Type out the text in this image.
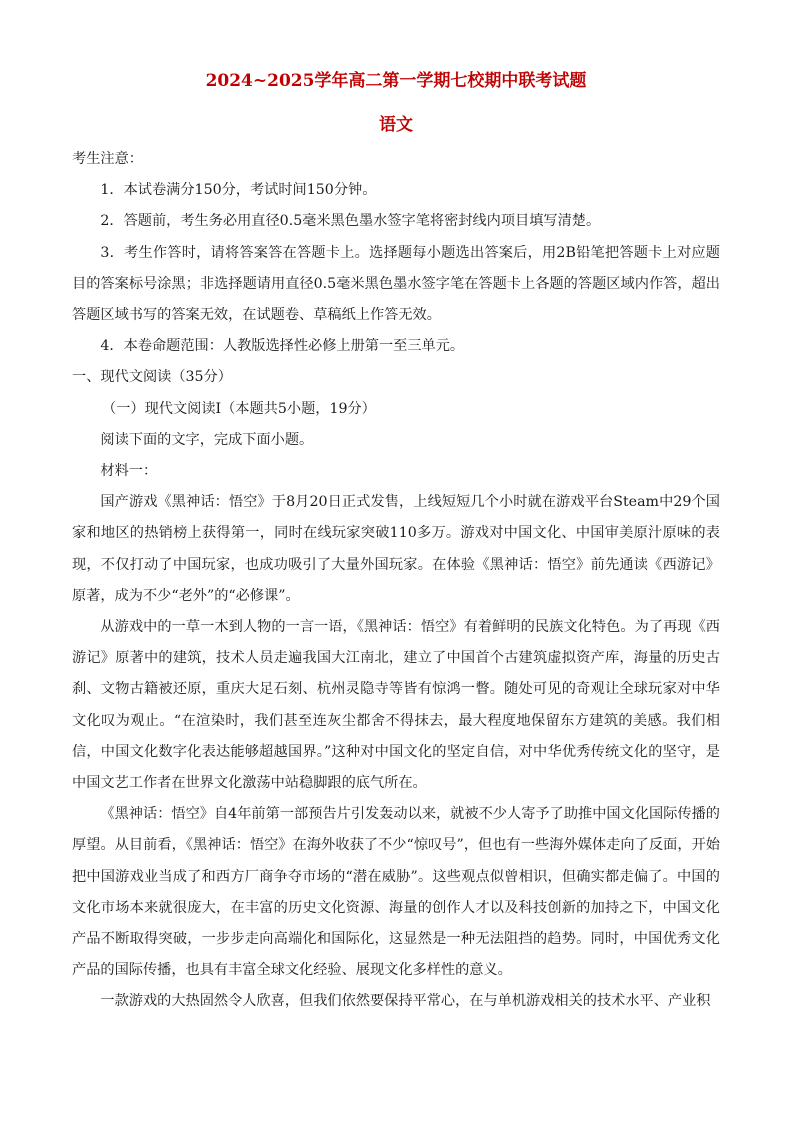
2024~2025学年高二第一学期七校期中联考试题
语文

考生注意：

1．本试卷满分150分，考试时间150分钟。

2．答题前，考生务必用直径0.5毫米黑色墨水签字笔将密封线内项目填写清楚。

3．考生作答时，请将答案答在答题卡上。选择题每小题选出答案后，用2B铅笔把答题卡上对应题目的答案标号涂黑；非选择题请用直径0.5毫米黑色墨水签字笔在答题卡上各题的答题区域内作答，超出答题区域书写的答案无效，在试题卷、草稿纸上作答无效。

4．本卷命题范围：人教版选择性必修上册第一至三单元。

一、现代文阅读（35分）

（一）现代文阅读Ⅰ（本题共5小题，19分）

阅读下面的文字，完成下面小题。

材料一：

国产游戏《黑神话：悟空》于8月20日正式发售，上线短短几个小时就在游戏平台Steam中29个国家和地区的热销榜上获得第一，同时在线玩家突破110多万。游戏对中国文化、中国审美原汁原味的表现，不仅打动了中国玩家，也成功吸引了大量外国玩家。在体验《黑神话：悟空》前先通读《西游记》原著，成为不少“老外”的“必修课”。

从游戏中的一草一木到人物的一言一语，《黑神话：悟空》有着鲜明的民族文化特色。为了再现《西游记》原著中的建筑，技术人员走遍我国大江南北，建立了中国首个古建筑虚拟资产库，海量的历史古刹、文物古籍被还原，重庆大足石刻、杭州灵隐寺等皆有惊鸿一瞥。随处可见的奇观让全球玩家对中华文化叹为观止。“在渲染时，我们甚至连灰尘都舍不得抹去，最大程度地保留东方建筑的美感。我们相信，中国文化数字化表达能够超越国界。”这种对中国文化的坚定自信，对中华优秀传统文化的坚守，是中国文艺工作者在世界文化激荡中站稳脚跟的底气所在。

《黑神话：悟空》自4年前第一部预告片引发轰动以来，就被不少人寄予了助推中国文化国际传播的厚望。从目前看，《黑神话：悟空》在海外收获了不少“惊叹号”，但也有一些海外媒体走向了反面，开始把中国游戏业当成了和西方厂商争夺市场的“潜在威胁”。这些观点似曾相识，但确实都走偏了。中国的文化市场本来就很庞大，在丰富的历史文化资源、海量的创作人才以及科技创新的加持之下，中国文化产品不断取得突破，一步步走向高端化和国际化，这显然是一种无法阻挡的趋势。同时，中国优秀文化产品的国际传播，也具有丰富全球文化经验、展现文化多样性的意义。

一款游戏的大热固然令人欣喜，但我们依然要保持平常心，在与单机游戏相关的技术水平、产业积
